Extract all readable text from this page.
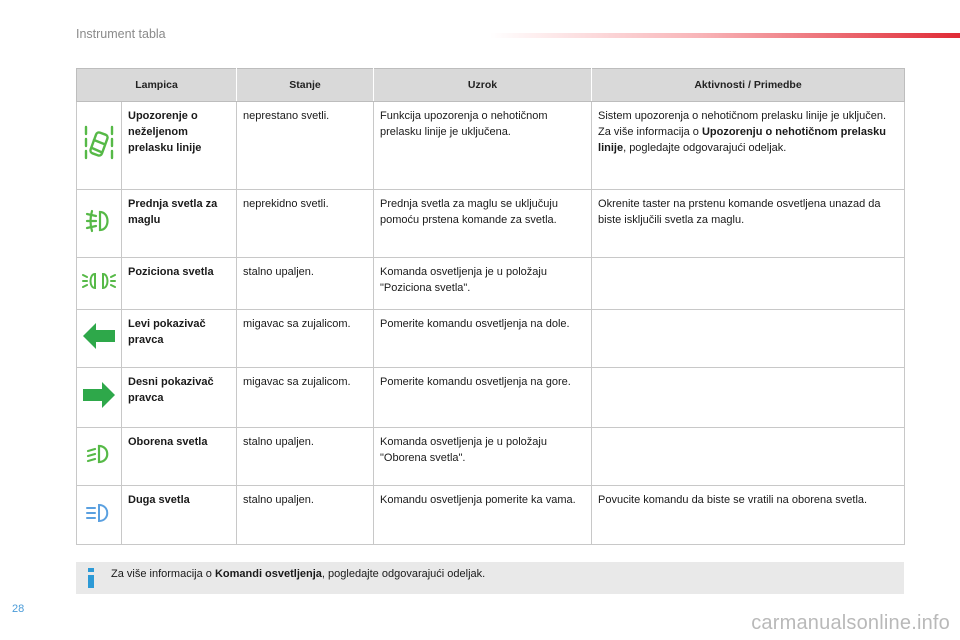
Instrument tabla
Lampica		Stanje	Uzrok	Aktivnosti / Primedbe
	Upozorenje o neželjenom prelasku linije	neprestano svetli.	Funkcija upozorenja o nehotičnom prelasku linije je uključena.	Sistem upozorenja o nehotičnom prelasku linije je uključen.
Za više informacija o Upozorenju o nehotičnom prelasku linije, pogledajte odgovarajući odeljak.
	Prednja svetla za maglu	neprekidno svetli.	Prednja svetla za maglu se uključuju pomoću prstena komande za svetla.	Okrenite taster na prstenu komande osvetljena unazad da biste isključili svetla za maglu.
	Poziciona svetla	stalno upaljen.	Komanda osvetljenja je u položaju "Poziciona svetla".	
	Levi pokazivač pravca	migavac sa zujalicom.	Pomerite komandu osvetljenja na dole.	
	Desni pokazivač pravca	migavac sa zujalicom.	Pomerite komandu osvetljenja na gore.	
	Oborena svetla	stalno upaljen.	Komanda osvetljenja je u položaju "Oborena svetla".	
	Duga svetla	stalno upaljen.	Komandu osvetljenja pomerite ka vama.	Povucite komandu da biste se vratili na oborena svetla.
Za više informacija o Komandi osvetljenja, pogledajte odgovarajući odeljak.
28
carmanualsonline.info
